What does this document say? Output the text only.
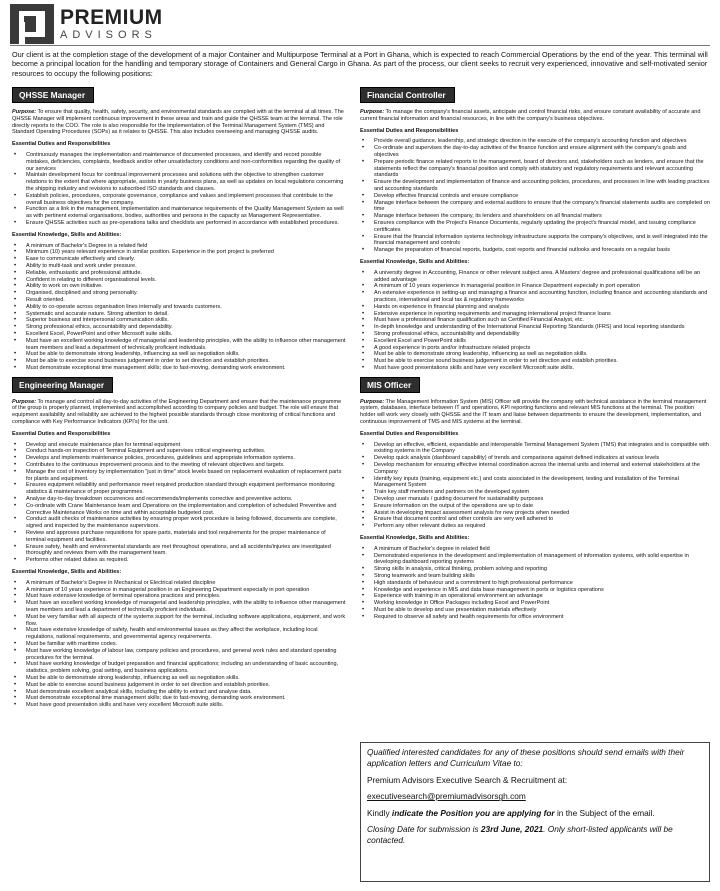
PREMIUM
ADVISORS
Our client is at the completion stage of the development of a major Container and Multipurpose Terminal at a Port in Ghana, which is expected to reach Commercial Operations by the end of the year. This terminal will become a principal location for the handling and temporary storage of Containers and General Cargo in Ghana. As part of the process, our client seeks to recruit very experienced, innovative and self-motivated senior resources to occupy the following positions:
QHSSE Manager
Purpose: To ensure that quality, health, safety, security, and environmental standards are complied with at the terminal at all times. The QHSSE Manager will implement continuous improvement in these areas and train and guide the QHSSE team at the terminal. The role directly reports to the COO. The role is also responsible for the implementation of the Terminal Management System (TMS) and Standard Operating Procedures (SOPs) as it relates to QHSSE. This also includes overseeing and managing QHSSE audits.
Essential Duties and Responsibilities
• Continuously manages the implementation and maintenance of documented processes, and identify and record possible mistakes, deficiencies, complaints, feedback and/or other unsatisfactory conditions and non-conformities regarding the quality of our services
• Maintain development focus for continual improvement processes and solutions with the objective to strengthen customer relations to the extent that where appropriate, assists in yearly business plans, as well as updates on local regulations concerning the shipping industry and revisions to subscribed ISO standards and clauses.
• Establish policies, procedures, corporate governance, compliance and values and implement processes that contribute to the overall business objectives for the company.
• Function as a link in the management, implementation and maintenance requirements of the Quality Management System as well as with pertinent external organisations, bodies, authorities and persons in the capacity as Management Representative.
• Ensure QHSSE activities such as pre-operations talks and checklists are performed in accordance with established procedures.
Essential Knowledge, Skills and Abilities:
• A minimum of Bachelor's Degree in a related field
• Minimum (10) years relevant experience in similar position. Experience in the port project is preferred
• Ease to communicate effectively and clearly.
• Ability to multi-task and work under pressure.
• Reliable, enthusiastic and professional attitude.
• Confident in relating to different organisational levels.
• Ability to work on own initiative.
• Organised, disciplined and strong personality.
• Result oriented.
• Ability to co-operate across organisation lines internally and towards customers.
• Systematic and accurate nature. Strong attention to detail.
• Superior business and interpersonal communication skills.
• Strong professional ethics, accountability and dependability.
• Excellent Excel, PowerPoint and other Microsoft suite skills.
• Must have an excellent working knowledge of managerial and leadership principles, with the ability to influence other management team members and lead a department of technically proficient individuals.
• Must be able to demonstrate strong leadership, influencing as well as negotiation skills.
• Must be able to exercise sound business judgement in order to set direction and establish priorities.
• Must demonstrate exceptional time management skills; due to fast-moving, demanding work environment.
Engineering Manager
Purpose: To manage and control all day-to-day activities of the Engineering Department and ensure that the maintenance programme of the group is properly planned, implemented and accomplished according to company policies and budget. The role will ensure that equipment availability and reliability are achieved to the highest possible standards through close monitoring of critical functions and compliance with Key Performance Indicators (KPI's) for the unit.
Essential Duties and Responsibilities
• Develop and execute maintenance plan for terminal equipment
• Conduct hands-on inspection of Terminal Equipment and supervises critical engineering activities.
• Develops and implements maintenance policies, procedures, guidelines and appropriate information systems.
• Contributes to the continuous improvement process and to the meeting of relevant objectives and targets.
• Manage the cost of inventory by implementation "just in time" stock levels based on replacement evaluation of replacement parts for plants and equipment.
• Ensures equipment reliability and performance meet required production standard through equipment performance monitoring statistics & maintenance of proper programmes.
• Analyse day-to-day breakdown occurrences and recommends/implements corrective and preventive actions.
• Co-ordinate with Crane Maintenance team and Operations on the implementation and completion of scheduled Preventive and Corrective Maintenance Works on time and within acceptable budgeted cost.
• Conduct audit checks of maintenance activities by ensuring proper work procedure is being followed, documents are complete, signed and inspected by the maintenance supervisors.
• Review and approves purchase requisitions for spare parts, materials and tool requirements for the proper maintenance of terminal equipment and facilities.
• Ensure safety, health and environmental standards are met throughout operations, and all accidents/injuries are investigated thoroughly and reviews them with the management team.
• Performs other related duties as required.
Essential Knowledge, Skills and Abilities:
• A minimum of Bachelor's Degree in Mechanical or Electrical related discipline
• A minimum of 10 years experience in managerial position in an Engineering Department especially in port operation
• Must have extensive knowledge of terminal operations practices and principles.
• Must have an excellent working knowledge of managerial and leadership principles, with the ability to influence other management team members and lead a department of technically proficient individuals.
• Must be very familiar with all aspects of the systems support for the terminal, including software applications, equipment, and work flow.
• Must have extensive knowledge of safety, health and environmental issues as they affect the workplace, including local regulations, national requirements, and governmental agency requirements.
• Must be familiar with maritime codes.
• Must have working knowledge of labour law, company policies and procedures, and general work rules and standard operating procedures for the terminal.
• Must have working knowledge of budget preparation and financial applications; including an understanding of basic accounting, statistics, problem solving, goal setting, and business applications.
• Must be able to demonstrate strong leadership, influencing as well as negotiation skills.
• Must be able to exercise sound business judgement in order to set direction and establish priorities.
• Must demonstrate excellent analytical skills, including the ability to extract and analyse data.
• Must demonstrate exceptional time management skills; due to fast-moving, demanding work environment.
• Must have good presentation skills and have very excellent Microsoft suite skills.
Financial Controller
Purpose: To manage the company's financial assets, anticipate and control financial risks, and ensure constant availability of accurate and current financial information and financial resources, in line with the company's business objectives.
Essential Duties and Responsibilities
• Provide overall guidance, leadership, and strategic direction in the execute of the company's accounting function and objectives
• Co-ordinate and supervises the day-to-day activities of the finance function and ensure alignment with the company's goals and objectives
• Prepare periodic finance related reports to the management, board of directors and, stakeholders such as lenders, and ensure that the statements reflect the company's financial position and comply with statutory and regulatory requirements and relevant accounting standards
• Ensure the development and implementation of finance and accounting policies, procedures, and processes in line with leading practices and accounting standards
• Develop effective financial controls and ensure compliance
• Manage interface between the company and external auditors to ensure that the company's financial statements audits are completed on time
• Manage interface between the company, its lenders and shareholders on all financial matters
• Ensures compliance with the Project's Finance Documents, regularly updating the project's financial model, and issuing compliance certificates
• Ensure that the financial information systems technology infrastructure supports the company's objectives, and is well integrated into the financial management and controls
• Manage the preparation of financial reports, budgets, cost reports and financial outlooks and forecasts on a regular basis
Essential Knowledge, Skills and Abilities:
• A university degree in Accounting, Finance or other relevant subject area. A Masters' degree and professional qualifications will be an added advantage
• A minimum of 10 years experience in managerial position in Finance Department especially in port operation
• An extensive experience in setting-up and managing a finance and accounting function, including finance and accounting standards and practices, international and local tax & regulatory frameworks
• Hands on experience in financial planning and analysis
• Extensive experience in reporting requirements and managing international project finance loans
• Must have a professional finance qualification such as Certified Financial Analyst, etc.
• In-depth knowledge and understanding of the International Financial Reporting Standards (IFRS) and local reporting standards
• Strong professional ethics, accountability and dependability
• Excellent Excel and PowerPoint skills
• A good experience in ports and/or infrastructure related projects
• Must be able to demonstrate strong leadership, influencing as well as negotiation skills.
• Must be able to exercise sound business judgement in order to set direction and establish priorities.
• Must have good presentations skills and have very excellent Microsoft suite skills.
MIS Officer
Purpose: The Management Information System (MIS) Officer will provide the company with technical assistance in the terminal management system, databases, interface between IT and operations, KPI reporting functions and relevant MIS functions at the terminal. The position holder will work very closely with QHSSE and the IT team and liaise between departments to ensure the development, implementation, and continuous improvement of TMS and MIS systems at the terminal.
Essential Duties and Responsibilities
• Develop an effective, efficient, expandable and interoperable Terminal Management System (TMS) that integrates and is compatible with existing systems in the Company
• Develop quick analysis (dashboard capability) of trends and comparisons against defined indicators at various levels
• Develop mechanism for ensuring effective internal coordination across the internal units and internal and external stakeholders at the Company
• Identify key inputs (training, equipment etc.) and costs associated in the development, testing and installation of the Terminal Management System
• Train key staff members and partners on the developed system
• Develop user manuals / guiding document for sustainability purposes
• Ensure information on the output of the operations are up to date
• Assist in developing impact assessment analysis for new projects when needed
• Ensure that document control and other controls are very well adhered to
• Perform any other relevant duties as required
Essential Knowledge, Skills and Abilities:
• A minimum of Bachelor's degree in related field
• Demonstrated experience in the development and implementation of management of information systems, with solid expertise in developing dashboard reporting systems
• Strong skills in analysis, critical thinking, problem solving and reporting
• Strong teamwork and team building skills
• High standards of behaviour and a commitment to high professional performance
• Knowledge and experience in MIS and data base management in ports or logistics operations
• Experience with training in an operational environment an advantage
• Working knowledge in Office Packages including Excel and PowerPoint
• Must be able to develop and use presentation materials effectively
• Required to observe all safety and health requirements for office environment

Qualified interested candidates for any of these positions should send emails with their application letters and Curriculum Vitae to:

Premium Advisors Executive Search & Recruitment at:

executivesearch@premiumadvisorsgh.com

Kindly indicate the Position you are applying for in the Subject of the email.

Closing Date for submission is 23rd June, 2021. Only short-listed applicants will be contacted.
